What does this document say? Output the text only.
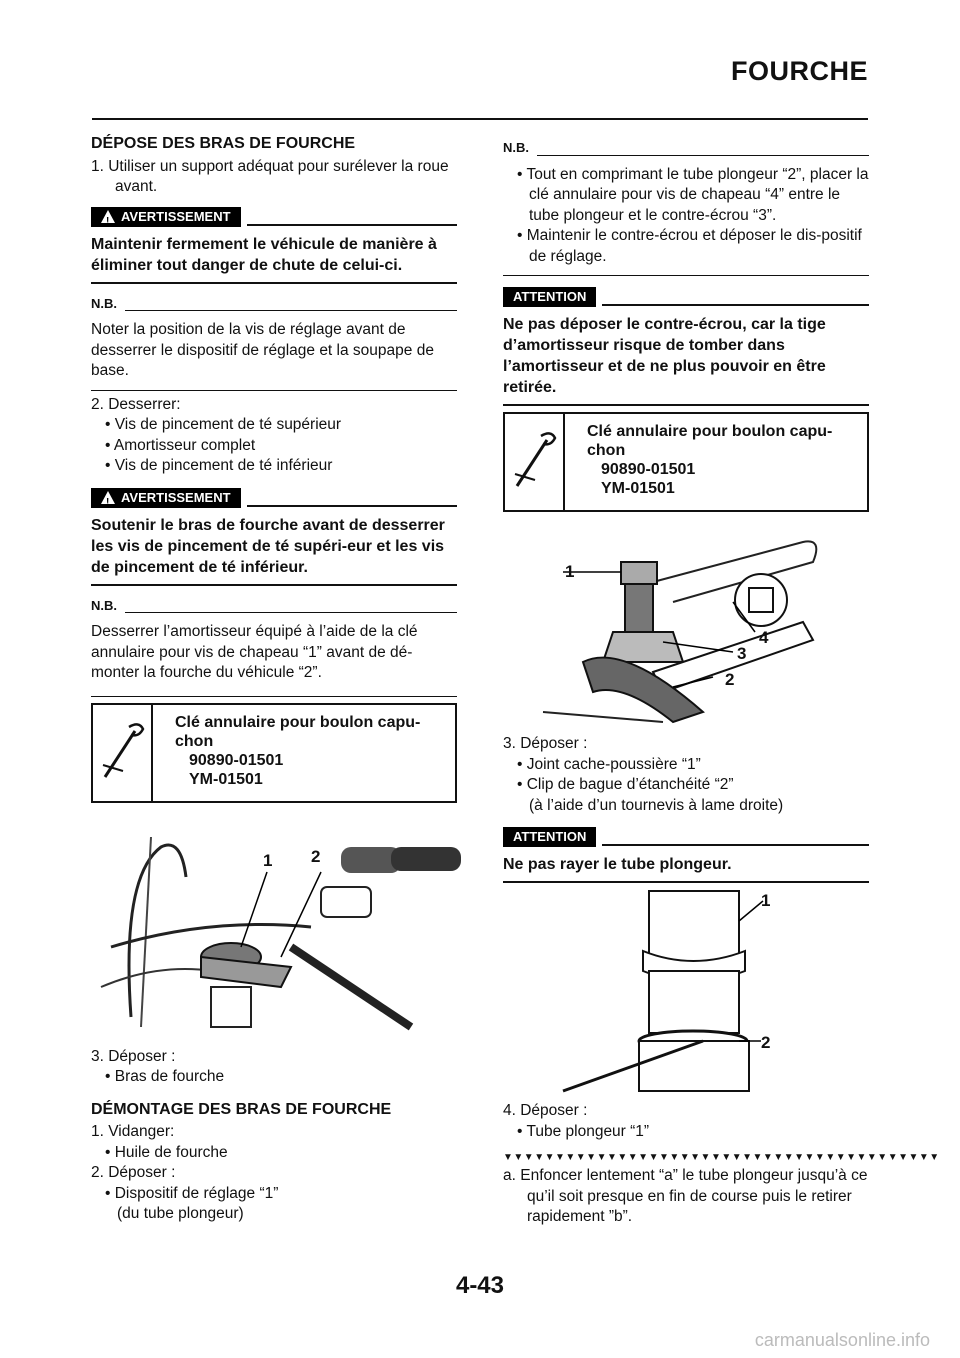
FOURCHE

DÉPOSE DES BRAS DE FOURCHE

1. Utiliser un support adéquat pour surélever la roue avant.

! AVERTISSEMENT

Maintenir fermement le véhicule de manière à éliminer tout danger de chute de celui-ci.

N.B.

Noter la position de la vis de réglage avant de desserrer le dispositif de réglage et la soupape de base.

2. Desserrer:

• Vis de pincement de té supérieur

• Amortisseur complet

• Vis de pincement de té inférieur

! AVERTISSEMENT

Soutenir le bras de fourche avant de desserrer les vis de pincement de té supéri-eur et les vis de pincement de té inférieur.

N.B.

Desserrer l’amortisseur équipé à l’aide de la clé annulaire pour vis de chapeau “1” avant de dé-monter la fourche du véhicule “2”.

Clé annulaire pour boulon capu-chon
90890-01501
YM-01501
1 2

3. Déposer :

• Bras de fourche

DÉMONTAGE DES BRAS DE FOURCHE

1. Vidanger:

• Huile de fourche

2. Déposer :

• Dispositif de réglage “1”

(du tube plongeur)

N.B.

• Tout en comprimant le tube plongeur “2”, placer la clé annulaire pour vis de chapeau “4” entre le tube plongeur et le contre-écrou “3”.

• Maintenir le contre-écrou et déposer le dis-positif de réglage.

ATTENTION

Ne pas déposer le contre-écrou, car la tige d’amortisseur risque de tomber dans l’amortisseur et de ne plus pouvoir en être retirée.

Clé annulaire pour boulon capu-chon
90890-01501
YM-01501
1
4
3
2

3. Déposer :

• Joint cache-poussière “1”

• Clip de bague d’étanchéité “2”

(à l’aide d’un tournevis à lame droite)

ATTENTION

Ne pas rayer le tube plongeur.

1
2

4. Déposer :

• Tube plongeur “1”

▼▼▼▼▼▼▼▼▼▼▼▼▼▼▼▼▼▼▼▼▼▼▼▼▼▼▼▼▼▼▼▼▼▼▼▼▼▼▼▼▼▼

a. Enfoncer lentement “a” le tube plongeur jusqu’à ce qu’il soit presque en fin de course puis le retirer rapidement ”b”.

4-43
carmanualsonline.info
